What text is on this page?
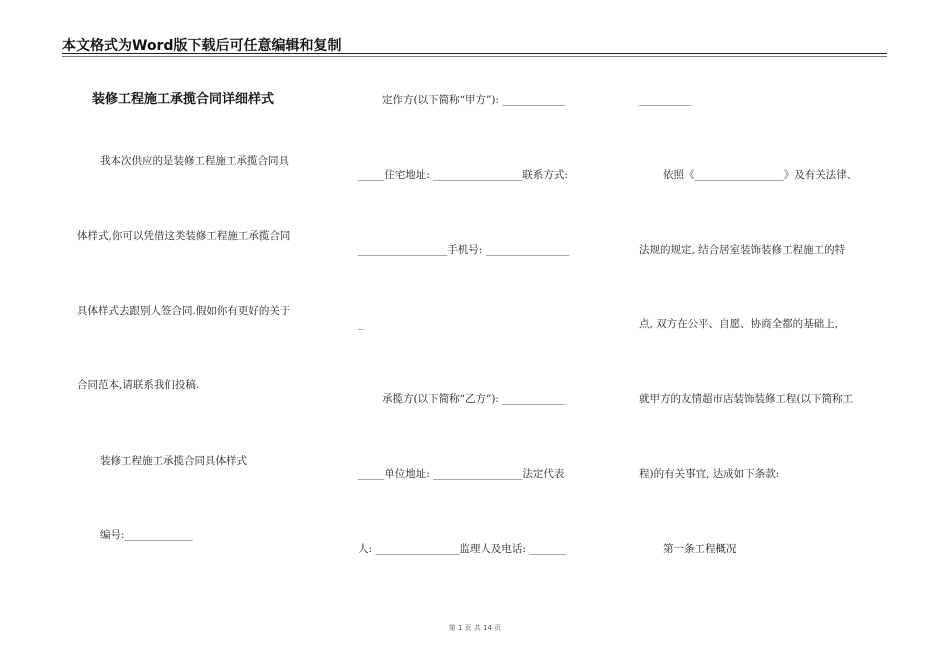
本文格式为Word版下载后可任意编辑和复制
装修工程施工承揽合同详细样式
我本次供应的是装修工程施工承揽合同具
体样式,你可以凭借这类装修工程施工承揽合同
具体样式去跟别人签合同.假如你有更好的关于
合同范本,请联系我们投稿.
装修工程施工承揽合同具体样式
编号:_____________
定作方(以下简称“甲方”): ____________
_____住宅地址: _________________联系方式:
_________________手机号: ________________
_
承揽方(以下简称“乙方”): ____________
_____单位地址: _________________法定代表
人: ________________监理人及电话: _______
__________
依照《_________________》及有关法律、
法规的规定, 结合居室装饰装修工程施工的特
点, 双方在公平、自愿、协商全都的基础上,
就甲方的友情超市店装饰装修工程(以下简称工
程)的有关事宜, 达成如下条款:
第一条工程概况
第 1 页 共 14 页
